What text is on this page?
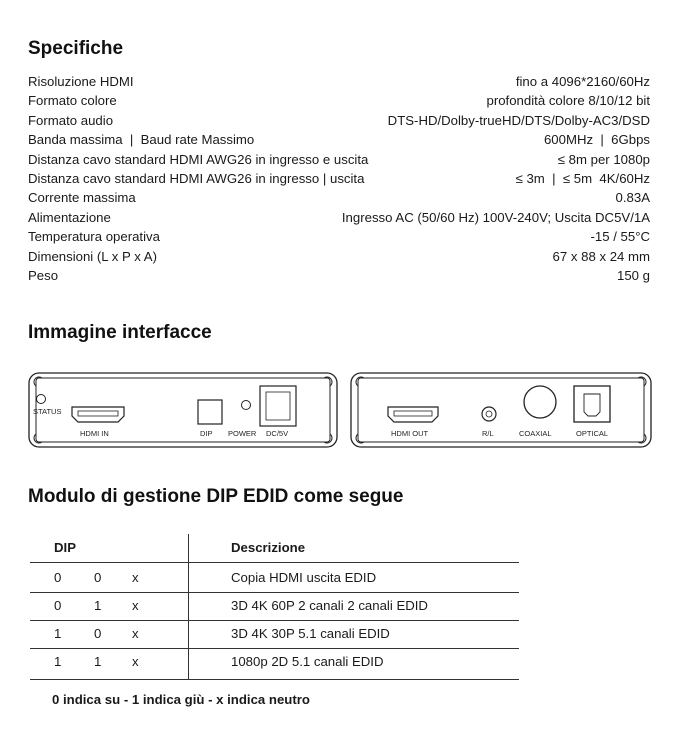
Specifiche
Risoluzione HDMI	fino a 4096*2160/60Hz
Formato colore	profondità colore 8/10/12 bit
Formato audio	DTS-HD/Dolby-trueHD/DTS/Dolby-AC3/DSD
Banda massima  |  Baud rate Massimo	600MHz  |  6Gbps
Distanza cavo standard HDMI AWG26 in ingresso e uscita	≤ 8m per 1080p
Distanza cavo standard HDMI AWG26 in ingresso | uscita	≤ 3m  |  ≤ 5m  4K/60Hz
Corrente massima	0.83A
Alimentazione	Ingresso AC (50/60 Hz) 100V-240V; Uscita DC5V/1A
Temperatura operativa	-15 / 55°C
Dimensioni (L x P x A)	67 x 88 x 24 mm
Peso	150 g
Immagine interfacce
STATUS
HDMI IN	DIP POWER DC/5V	HDMI OUT	R/L	COAXIAL	OPTICAL
Modulo di gestione DIP EDID come segue
DIP	Descrizione
0 0 x	Copia HDMI uscita EDID
0 1 x	3D 4K 60P 2 canali 2 canali EDID
1 0 x	3D 4K 30P 5.1 canali EDID
1 1 x	1080p 2D 5.1 canali EDID

0 indica su - 1 indica giù - x indica neutro
